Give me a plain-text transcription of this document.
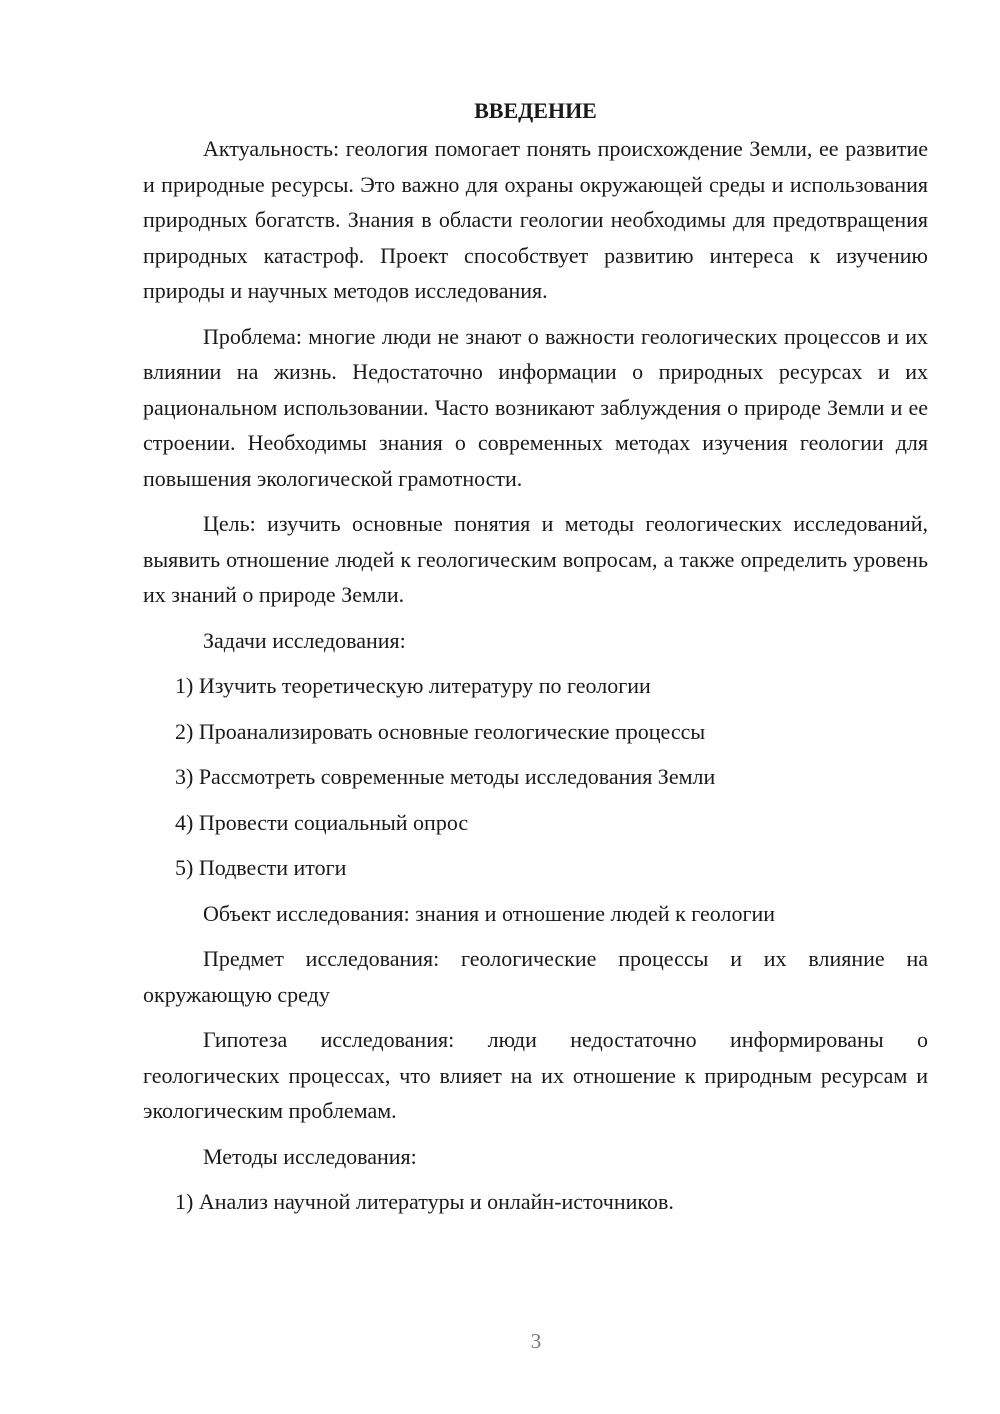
ВВЕДЕНИЕ
Актуальность: геология помогает понять происхождение Земли, ее развитие и природные ресурсы. Это важно для охраны окружающей среды и использования природных богатств. Знания в области геологии необходимы для предотвращения природных катастроф. Проект способствует развитию интереса к изучению природы и научных методов исследования.
Проблема: многие люди не знают о важности геологических процессов и их влиянии на жизнь. Недостаточно информации о природных ресурсах и их рациональном использовании. Часто возникают заблуждения о природе Земли и ее строении. Необходимы знания о современных методах изучения геологии для повышения экологической грамотности.
Цель: изучить основные понятия и методы геологических исследований, выявить отношение людей к геологическим вопросам, а также определить уровень их знаний о природе Земли.
Задачи исследования:
1) Изучить теоретическую литературу по геологии
2) Проанализировать основные геологические процессы
3) Рассмотреть современные методы исследования Земли
4) Провести социальный опрос
5) Подвести итоги
Объект исследования: знания и отношение людей к геологии
Предмет исследования: геологические процессы и их влияние на окружающую среду
Гипотеза исследования: люди недостаточно информированы о геологических процессах, что влияет на их отношение к природным ресурсам и экологическим проблемам.
Методы исследования:
1) Анализ научной литературы и онлайн-источников.
3
